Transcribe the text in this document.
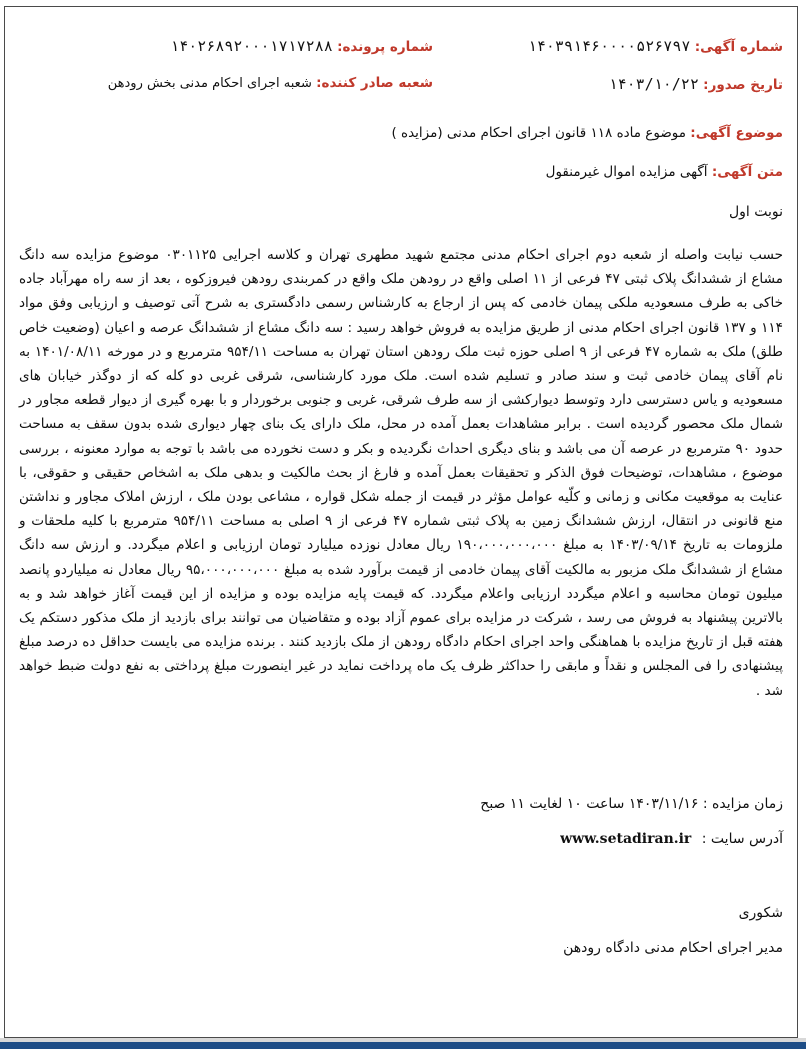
شماره آگهی: ۱۴۰۳۹۱۴۶۰۰۰۰۵۲۶۷۹۷
شماره پرونده: ۱۴۰۲۶۸۹۲۰۰۰۱۷۱۷۲۸۸
تاریخ صدور: ۱۴۰۳/۱۰/۲۲
شعبه صادر کننده: شعبه اجرای احکام مدنی بخش رودهن
موضوع آگهی: موضوع ماده ۱۱۸ قانون اجرای احکام مدنی (مزایده )
متن آگهی: آگهی مزایده اموال غیرمنقول
نوبت اول
حسب نیابت واصله از شعبه دوم اجرای احکام مدنی مجتمع شهید مطهری تهران و کلاسه اجرایی ۰۳۰۱۱۲۵ موضوع مزایده سه دانگ مشاع از ششدانگ پلاک ثبتی ۴۷ فرعی از ۱۱ اصلی واقع در رودهن ملک واقع در کمربندی رودهن فیروزکوه ، بعد از سه راه مهرآباد جاده خاکی به طرف مسعودیه ملکی پیمان خادمی که پس از ارجاع به کارشناس رسمی دادگستری به شرح آتی توصیف و ارزیابی وفق مواد ۱۱۴ و ۱۳۷ قانون اجرای احکام مدنی از طریق مزایده به فروش خواهد رسید : سه دانگ مشاع از ششدانگ عرصه و اعیان (وضعیت خاص طلق) ملک به شماره ۴۷ فرعی از ۹ اصلی حوزه ثبت ملک رودهن استان تهران به مساحت ۹۵۴/۱۱ مترمربع و در مورخه ۱۴۰۱/۰۸/۱۱ به نام آقای پیمان خادمی ثبت و سند صادر و تسلیم شده است. ملک مورد کارشناسی، شرقی غربی دو کله که از دوگذر خیابان های مسعودیه و یاس دسترسی دارد وتوسط دیوارکشی از سه طرف شرقی، غربی و جنوبی برخوردار و با بهره گیری از دیوار قطعه مجاور در شمال ملک محصور گردیده است . برابر مشاهدات بعمل آمده در محل، ملک دارای یک بنای چهار دیواری شده بدون سقف به مساحت حدود ۹۰ مترمربع در عرصه آن می باشد و بنای دیگری احداث نگردیده و بکر و دست نخورده می باشد با توجه به موارد معنونه ، بررسی موضوع ، مشاهدات، توضیحات فوق الذکر و تحقیقات بعمل آمده و فارغ از بحث مالکیت و بدهی ملک به اشخاص حقیقی و حقوقی، با عنایت به موقعیت مکانی و زمانی و کلّیه عوامل مؤثر در قیمت از جمله شکل قواره ، مشاعی بودن ملک ، ارزش املاک مجاور و نداشتن منع قانونی در انتقال، ارزش ششدانگ زمین به پلاک ثبتی شماره ۴۷ فرعی از ۹ اصلی به مساحت ۹۵۴/۱۱ مترمربع با کلیه ملحقات و ملزومات به تاریخ ۱۴۰۳/۰۹/۱۴ به مبلغ ۱۹۰،۰۰۰،۰۰۰،۰۰۰ ریال معادل نوزده میلیارد تومان ارزیابی و اعلام میگردد. و ارزش سه دانگ مشاع از ششدانگ ملک مزبور به مالکیت آقای پیمان خادمی از قیمت برآورد شده به مبلغ ۹۵،۰۰۰،۰۰۰،۰۰۰ ریال معادل نه میلیاردو پانصد میلیون تومان محاسبه و اعلام میگردد ارزیابی واعلام میگردد. که قیمت پایه مزایده بوده و مزایده از این قیمت آغاز خواهد شد و به بالاترین پیشنهاد به فروش می رسد ، شرکت در مزایده برای عموم آزاد بوده و متقاضیان می توانند برای بازدید از ملک مذکور دستکم یک هفته قبل از تاریخ مزایده با هماهنگی واحد اجرای احکام دادگاه رودهن از ملک بازدید کنند . برنده مزایده می بایست حداقل ده درصد مبلغ پیشنهادی را فی المجلس و نقداً و مابقی را حداکثر ظرف یک ماه پرداخت نماید در غیر اینصورت مبلغ پرداختی به نفع دولت ضبط خواهد شد .
زمان مزایده : ۱۴۰۳/۱۱/۱۶ ساعت ۱۰ لغایت ۱۱ صبح
آدرس سایت : www.setadiran.ir
شکوری
مدیر اجرای احکام مدنی دادگاه رودهن
